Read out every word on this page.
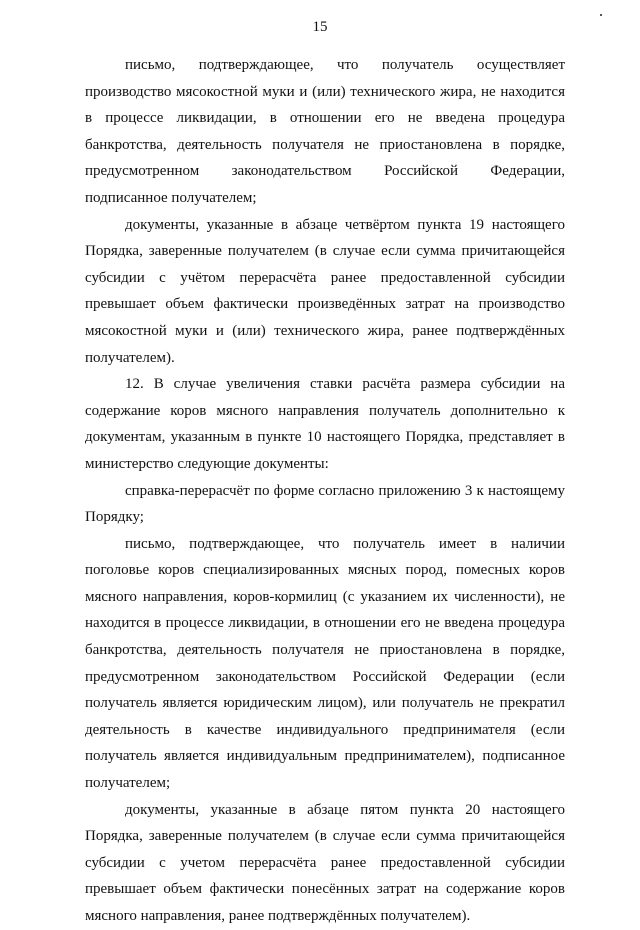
15

письмо, подтверждающее, что получатель осуществляет производство мясокостной муки и (или) технического жира, не находится в процессе ликвидации, в отношении его не введена процедура банкротства, деятельность получателя не приостановлена в порядке, предусмотренном законодательством Российской Федерации, подписанное получателем;

документы, указанные в абзаце четвёртом пункта 19 настоящего Порядка, заверенные получателем (в случае если сумма причитающейся субсидии с учётом перерасчёта ранее предоставленной субсидии превышает объем фактически произведённых затрат на производство мясокостной муки и (или) технического жира, ранее подтверждённых получателем).

12. В случае увеличения ставки расчёта размера субсидии на содержание коров мясного направления получатель дополнительно к документам, указанным в пункте 10 настоящего Порядка, представляет в министерство следующие документы:

справка-перерасчёт по форме согласно приложению 3 к настоящему Порядку;

письмо, подтверждающее, что получатель имеет в наличии поголовье коров специализированных мясных пород, помесных коров мясного направления, коров-кормилиц (с указанием их численности), не находится в процессе ликвидации, в отношении его не введена процедура банкротства, деятельность получателя не приостановлена в порядке, предусмотренном законодательством Российской Федерации (если получатель является юридическим лицом), или получатель не прекратил деятельность в качестве индивидуального предпринимателя (если получатель является индивидуальным предпринимателем), подписанное получателем;

документы, указанные в абзаце пятом пункта 20 настоящего Порядка, заверенные получателем (в случае если сумма причитающейся субсидии с учетом перерасчёта ранее предоставленной субсидии превышает объем фактически понесённых затрат на содержание коров мясного направления, ранее подтверждённых получателем).
